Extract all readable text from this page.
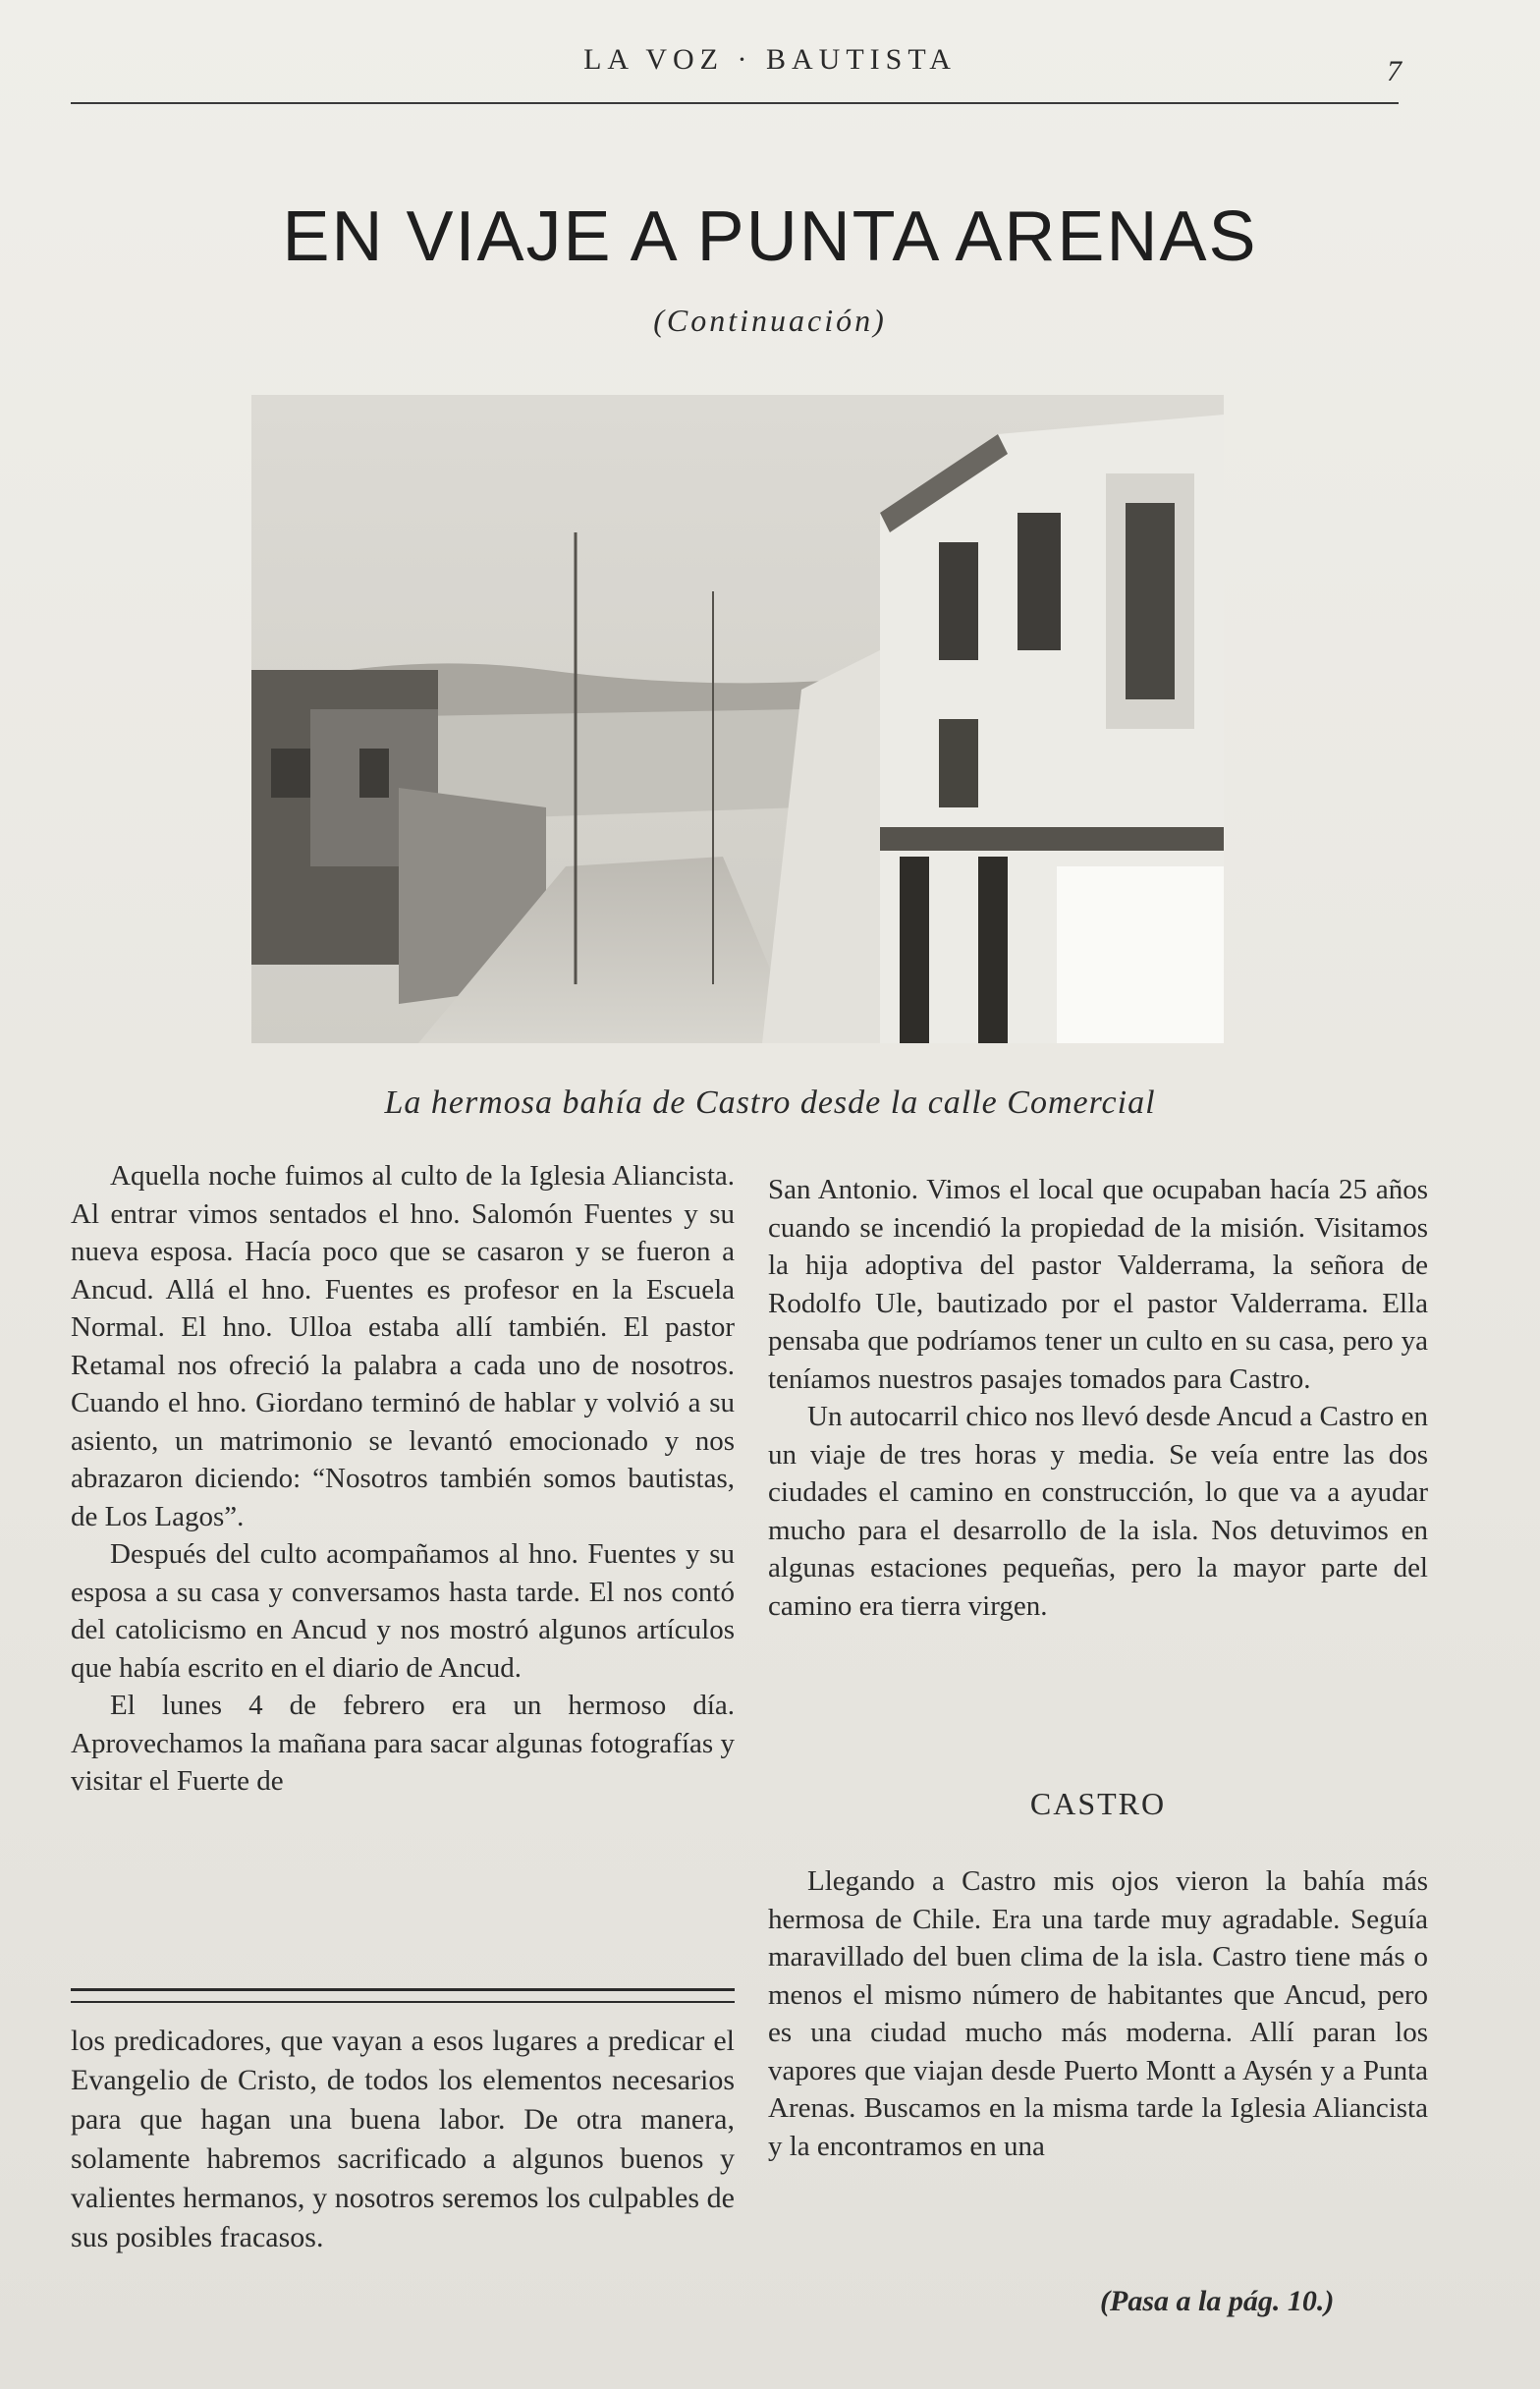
LA VOZ · BAUTISTA	7
EN VIAJE A PUNTA ARENAS
(Continuación)
La hermosa bahía de Castro desde la calle Comercial

Aquella noche fuimos al culto de la Iglesia Aliancista. Al entrar vimos sentados el hno. Salomón Fuentes y su nueva esposa. Hacía poco que se casaron y se fueron a Ancud. Allá el hno. Fuentes es profesor en la Escuela Normal. El hno. Ulloa estaba allí también. El pastor Retamal nos ofreció la palabra a cada uno de nosotros. Cuando el hno. Giordano terminó de hablar y volvió a su asiento, un matrimonio se levantó emocionado y nos abrazaron diciendo: “Nosotros también somos bautistas, de Los Lagos”.

Después del culto acompañamos al hno. Fuentes y su esposa a su casa y conversamos hasta tarde. El nos contó del catolicismo en Ancud y nos mostró algunos artículos que había escrito en el diario de Ancud.

El lunes 4 de febrero era un hermoso día. Aprovechamos la mañana para sacar algunas fotografías y visitar el Fuerte de

San Antonio. Vimos el local que ocupaban hacía 25 años cuando se incendió la propiedad de la misión. Visitamos la hija adoptiva del pastor Valderrama, la señora de Rodolfo Ule, bautizado por el pastor Valderrama. Ella pensaba que podríamos tener un culto en su casa, pero ya teníamos nuestros pasajes tomados para Castro.

Un autocarril chico nos llevó desde Ancud a Castro en un viaje de tres horas y media. Se veía entre las dos ciudades el camino en construcción, lo que va a ayudar mucho para el desarrollo de la isla. Nos detuvimos en algunas estaciones pequeñas, pero la mayor parte del camino era tierra virgen.

CASTRO

Llegando a Castro mis ojos vieron la bahía más hermosa de Chile. Era una tarde muy agradable. Seguía maravillado del buen clima de la isla. Castro tiene más o menos el mismo número de habitantes que Ancud, pero es una ciudad mucho más moderna. Allí paran los vapores que viajan desde Puerto Montt a Aysén y a Punta Arenas. Buscamos en la misma tarde la Iglesia Aliancista y la encontramos en una

los predicadores, que vayan a esos lugares a predicar el Evangelio de Cristo, de todos los elementos necesarios para que hagan una buena labor. De otra manera, solamente habremos sacrificado a algunos buenos y valientes hermanos, y nosotros seremos los culpables de sus posibles fracasos.

(Pasa a la pág. 10.)
